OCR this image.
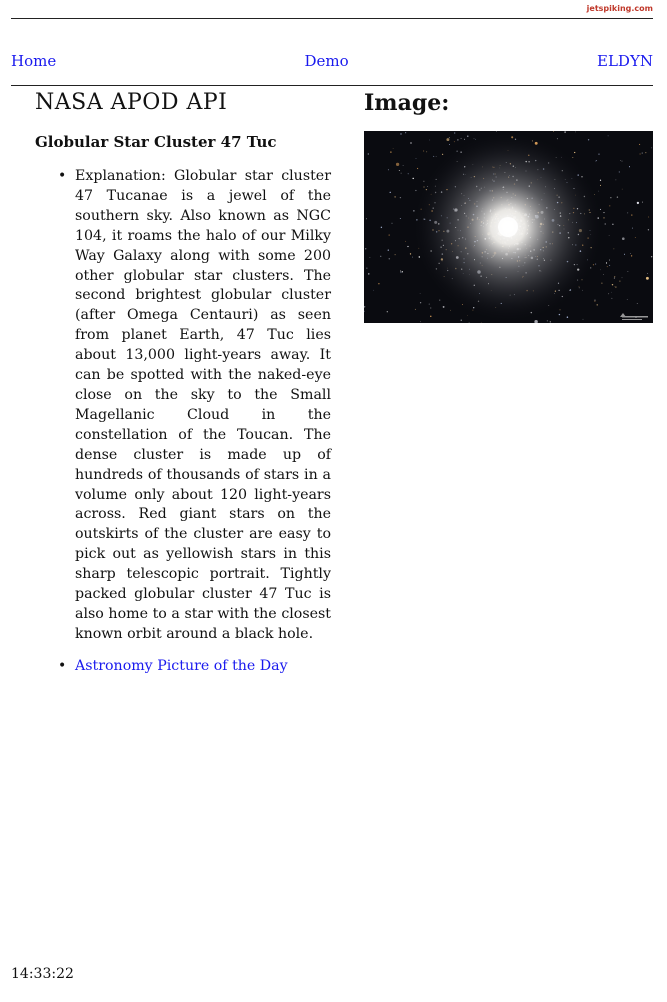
jetspiking.com
Home	Demo	ELDYN
NASA APOD API
Globular Star Cluster 47 Tuc
• Explanation: Globular star cluster 47 Tucanae is a jewel of the southern sky. Also known as NGC 104, it roams the halo of our Milky Way Galaxy along with some 200 other globular star clusters. The second brightest globular cluster (after Omega Centauri) as seen from planet Earth, 47 Tuc lies about 13,000 light-years away. It can be spotted with the naked-eye close on the sky to the Small Magellanic Cloud in the constellation of the Toucan. The dense cluster is made up of hundreds of thousands of stars in a volume only about 120 light-years across. Red giant stars on the outskirts of the cluster are easy to pick out as yellowish stars in this sharp telescopic portrait. Tightly packed globular cluster 47 Tuc is also home to a star with the closest known orbit around a black hole.
• Astronomy Picture of the Day
Image:
14:33:22
